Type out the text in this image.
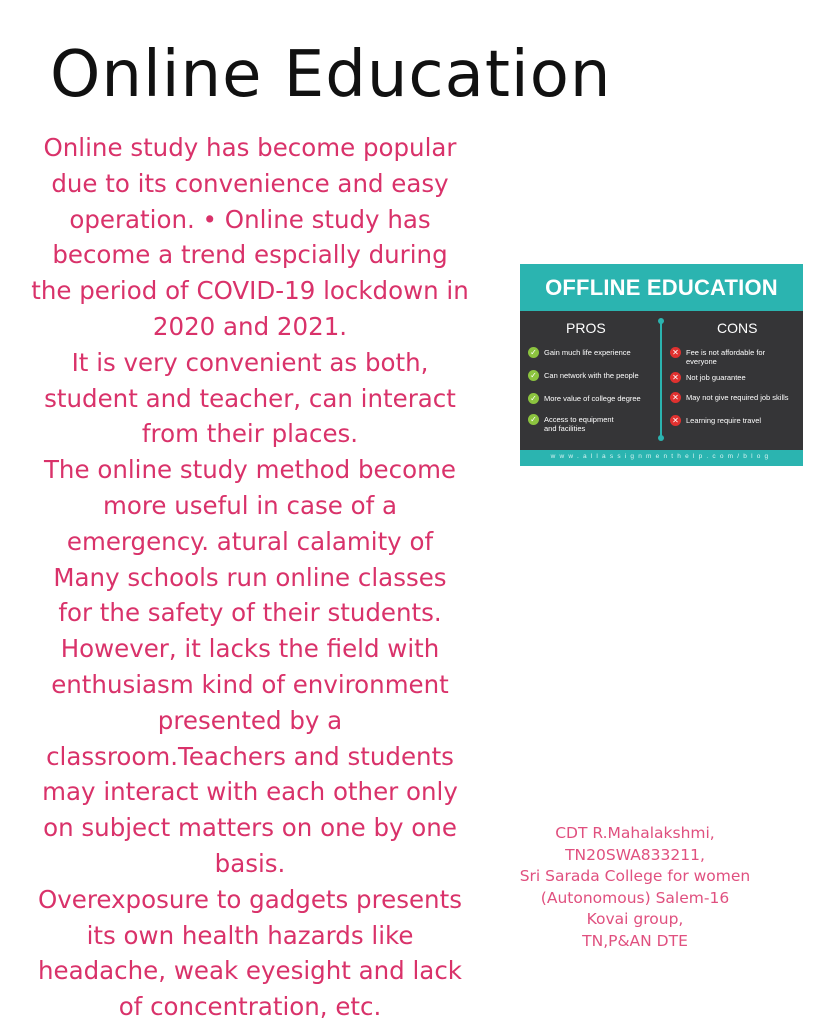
Online Education
Online study has become popular
due to its convenience and easy
operation. • Online study has
become a trend espcially during
the period of COVID-19 lockdown in
2020 and 2021.
It is very convenient as both,
student and teacher, can interact
from their places.
The online study method become
more useful in case of a
emergency. atural calamity of
Many schools run online classes
for the safety of their students.
However, it lacks the field with
enthusiasm kind of environment
presented by a
classroom.Teachers and students
may interact with each other only
on subject matters on one by one
basis.
Overexposure to gadgets presents
its own health hazards like
headache, weak eyesight and lack
of concentration, etc.
OFFLINE EDUCATION
PROS	CONS
✓ Gain much life experience
✓ Can network with the people
✓ More value of college degree
✓ Access to equipment and facilities
✕ Fee is not affordable for everyone
✕ Not job guarantee
✕ May not give required job skills
✕ Learning require travel
www.allassignmenthelp.com/blog
CDT R.Mahalakshmi,
TN20SWA833211,
Sri Sarada College for women
(Autonomous) Salem-16
Kovai group,
TN,P&AN DTE
